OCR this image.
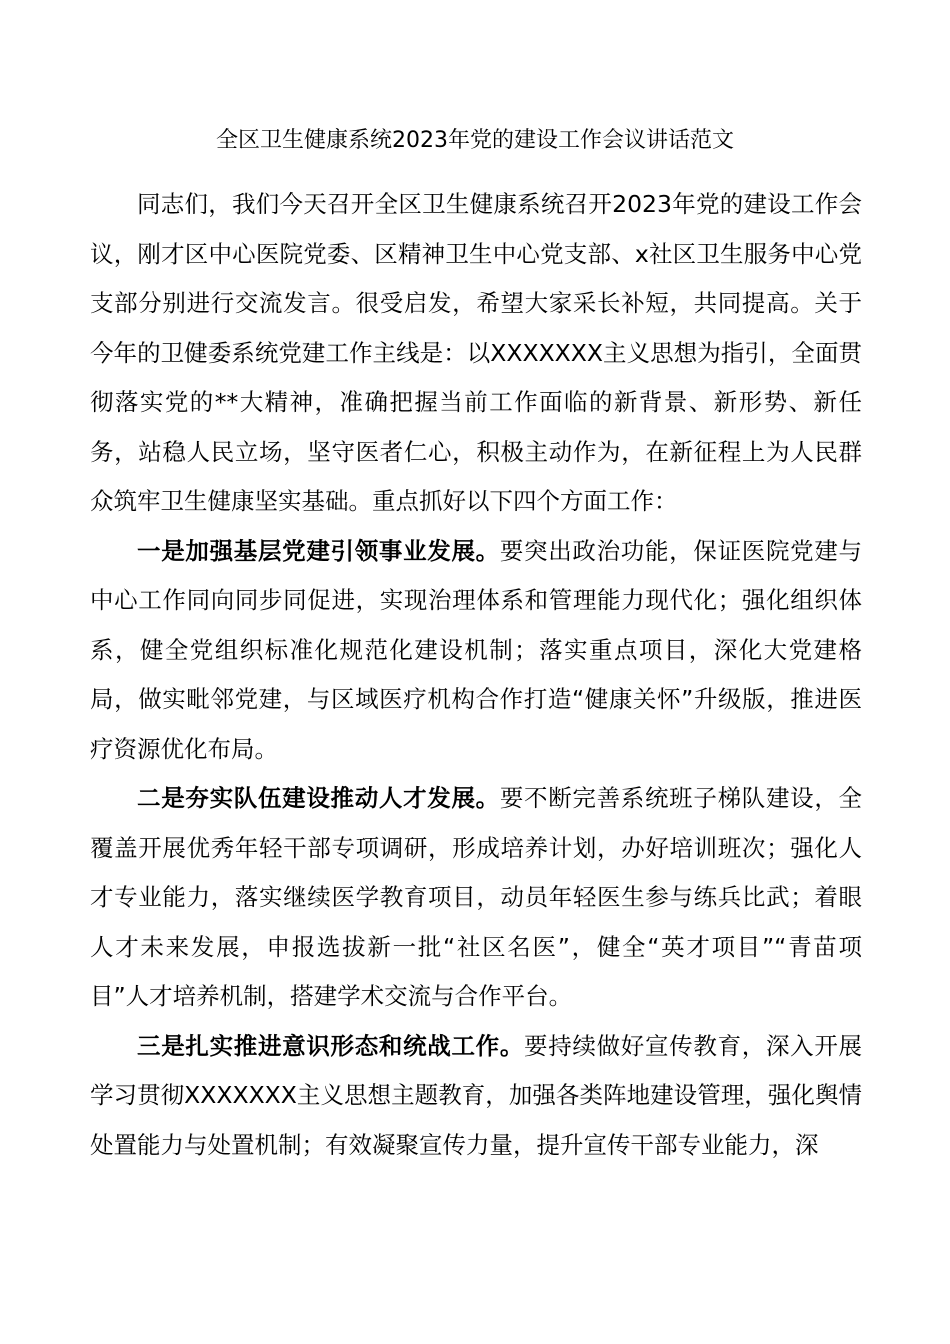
全区卫生健康系统2023年党的建设工作会议讲话范文

同志们，我们今天召开全区卫生健康系统召开2023年党的建设工作会议，刚才区中心医院党委、区精神卫生中心党支部、x社区卫生服务中心党支部分别进行交流发言。很受启发，希望大家采长补短，共同提高。关于今年的卫健委系统党建工作主线是：以XXXXXXX主义思想为指引，全面贯彻落实党的**大精神，准确把握当前工作面临的新背景、新形势、新任务，站稳人民立场，坚守医者仁心，积极主动作为，在新征程上为人民群众筑牢卫生健康坚实基础。重点抓好以下四个方面工作：

一是加强基层党建引领事业发展。要突出政治功能，保证医院党建与中心工作同向同步同促进，实现治理体系和管理能力现代化；强化组织体系，健全党组织标准化规范化建设机制；落实重点项目，深化大党建格局，做实毗邻党建，与区域医疗机构合作打造“健康关怀”升级版，推进医疗资源优化布局。

二是夯实队伍建设推动人才发展。要不断完善系统班子梯队建设，全覆盖开展优秀年轻干部专项调研，形成培养计划，办好培训班次；强化人才专业能力，落实继续医学教育项目，动员年轻医生参与练兵比武；着眼人才未来发展，申报选拔新一批“社区名医”，健全“英才项目”“青苗项目”人才培养机制，搭建学术交流与合作平台。

三是扎实推进意识形态和统战工作。要持续做好宣传教育，深入开展学习贯彻XXXXXXX主义思想主题教育，加强各类阵地建设管理，强化舆情处置能力与处置机制；有效凝聚宣传力量，提升宣传干部专业能力，深
